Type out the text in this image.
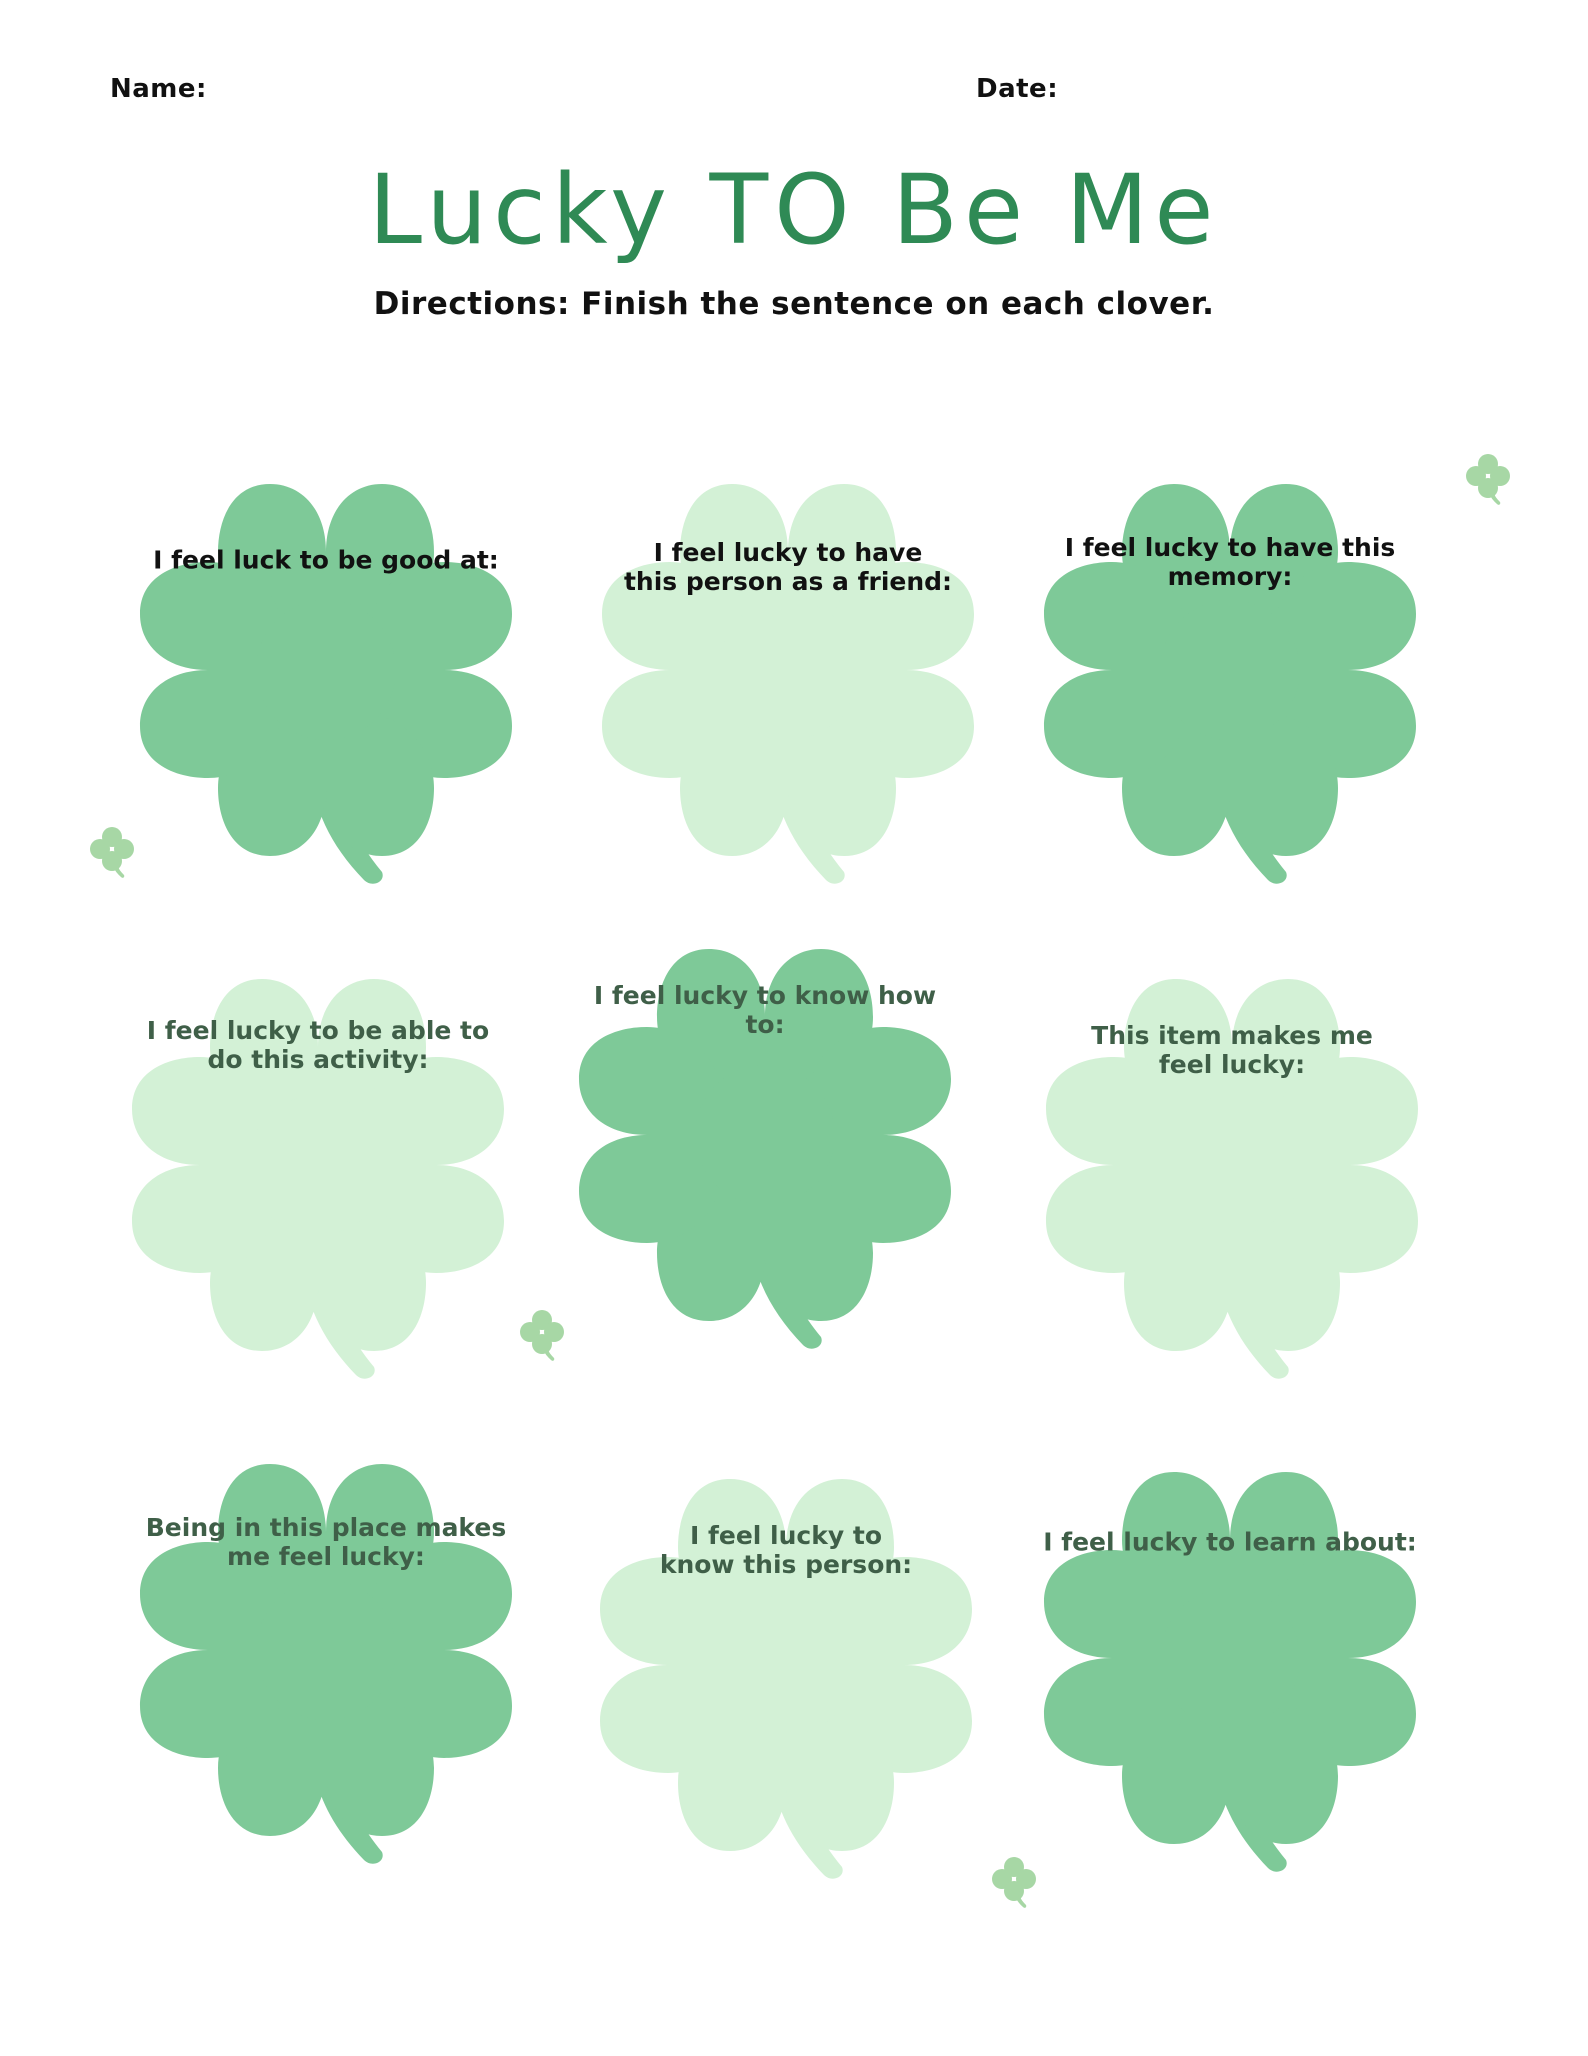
Name:	Date:
Lucky TO Be Me
Directions: Finish the sentence on each clover.
I feel luck to be good at:	I feel lucky to have
this person as a friend:
I feel lucky to have this
memory:
I feel lucky to be able to
do this activity:
I feel lucky to know how to:	This item makes me
feel lucky:
Being in this place makes
me feel lucky:
I feel lucky to
know this person:
I feel lucky to learn about:
